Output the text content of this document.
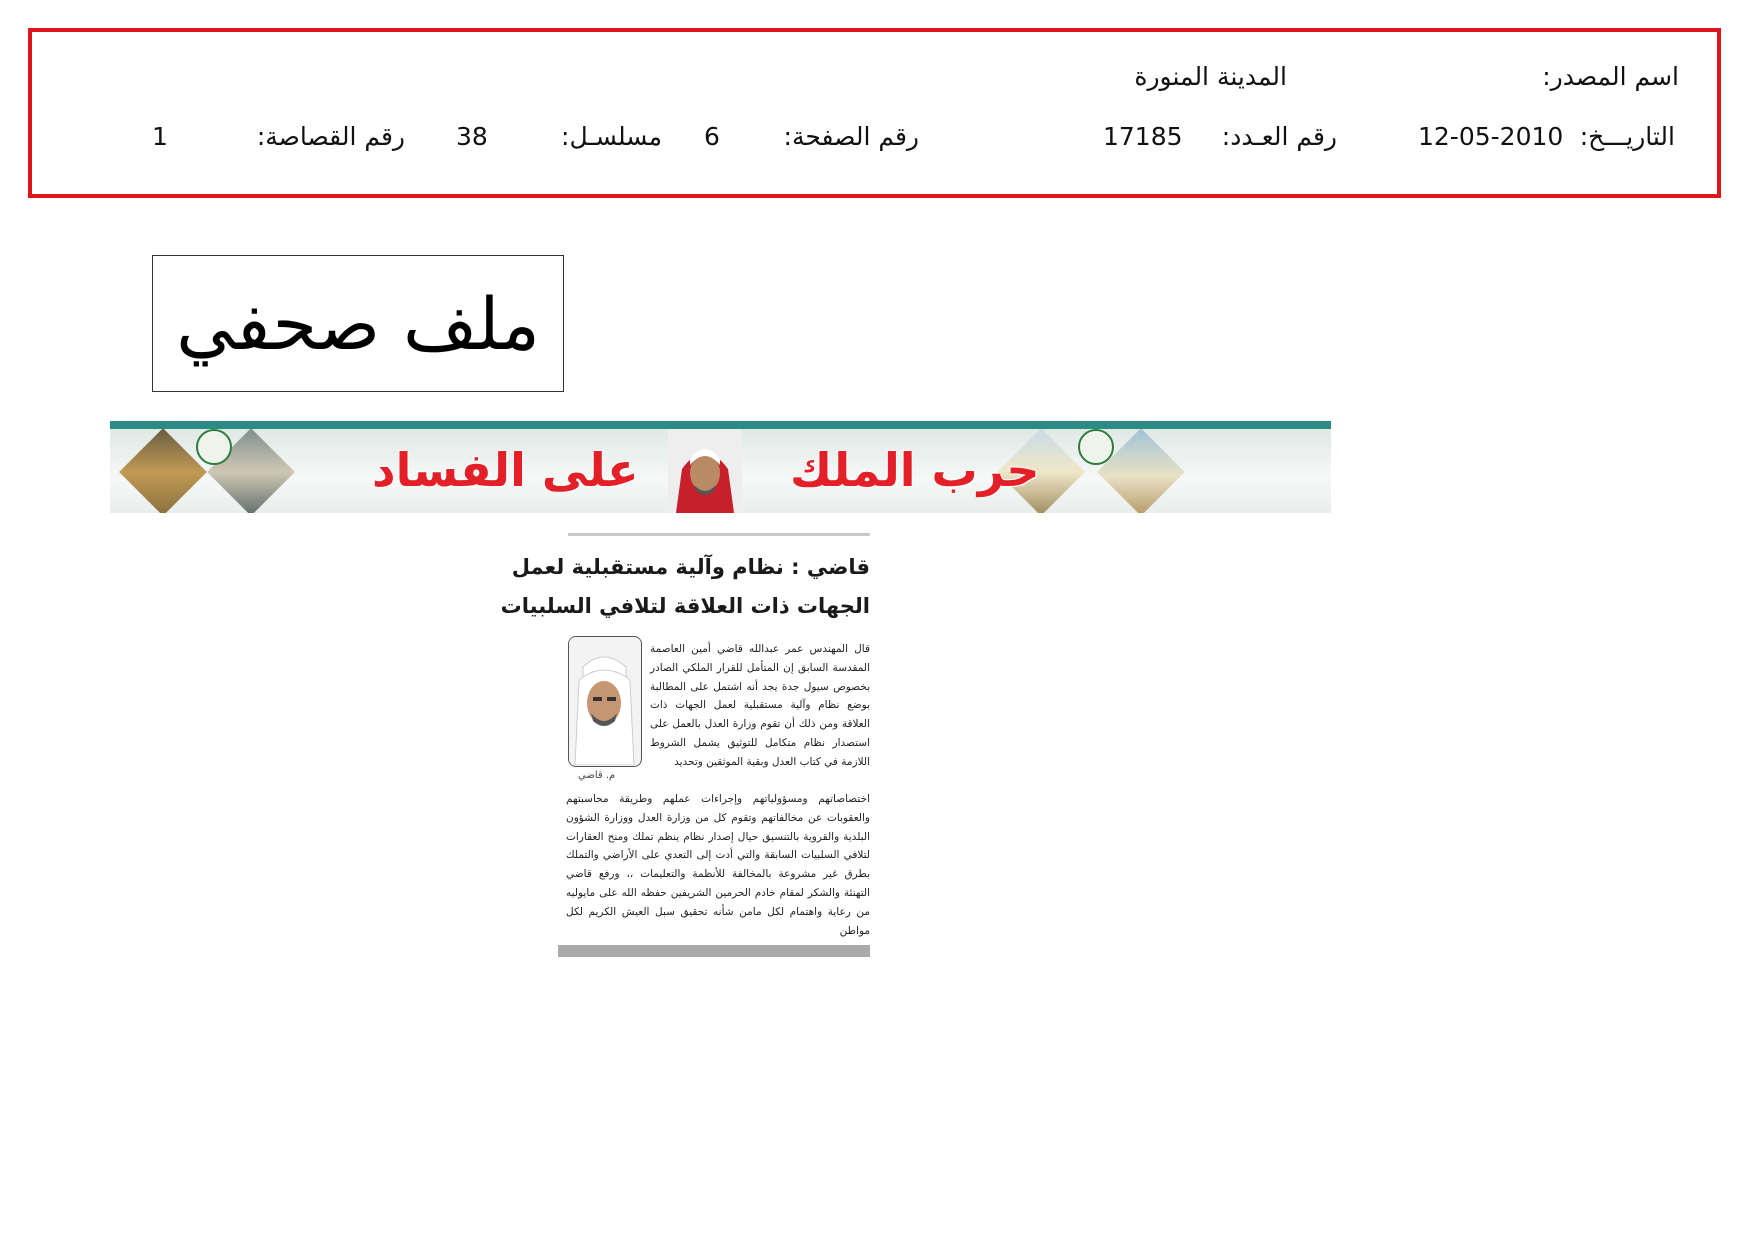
اسم المصدر:
المدينة المنورة
التاريـــخ:
12-05-2010
رقم العـدد:
17185
رقم الصفحة:
6
مسلسـل:
38
رقم القصاصة:
1
ملف صحفي
حرب الملك
على الفساد
قاضي : نظام وآلية مستقبلية لعمل
الجهات ذات العلاقة لتلافي السلبيات
م. قاضي
قال المهندس عمر عبدالله قاضي أمين العاصمة المقدسة السابق إن المتأمل للقرار الملكي الصادر بخصوص سيول جدة يجد أنه اشتمل على المطالبة بوضع نظام وآلية مستقبلية لعمل الجهات ذات العلاقة ومن ذلك أن تقوم وزارة العدل بالعمل على استصدار نظام متكامل للتوثيق يشمل الشروط اللازمة في كتاب العدل وبقية الموثقين وتحديد
اختصاصاتهم ومسؤولياتهم وإجراءات عملهم وطريقة محاسبتهم والعقوبات عن مخالفاتهم وتقوم كل من وزارة العدل ووزارة الشؤون البلدية والقروية بالتنسيق حيال إصدار نظام ينظم تملك ومنح العقارات لتلافي السلبيات السابقة والتي أدت إلى التعدي على الأراضي والتملك بطرق غير مشروعة بالمخالفة للأنظمة والتعليمات ،، ورفع قاضي التهنئة والشكر لمقام خادم الحرمين الشريفين حفظه الله على مايوليه من رعاية واهتمام لكل مامن شأنه تحقيق سبل العيش الكريم لكل مواطن
